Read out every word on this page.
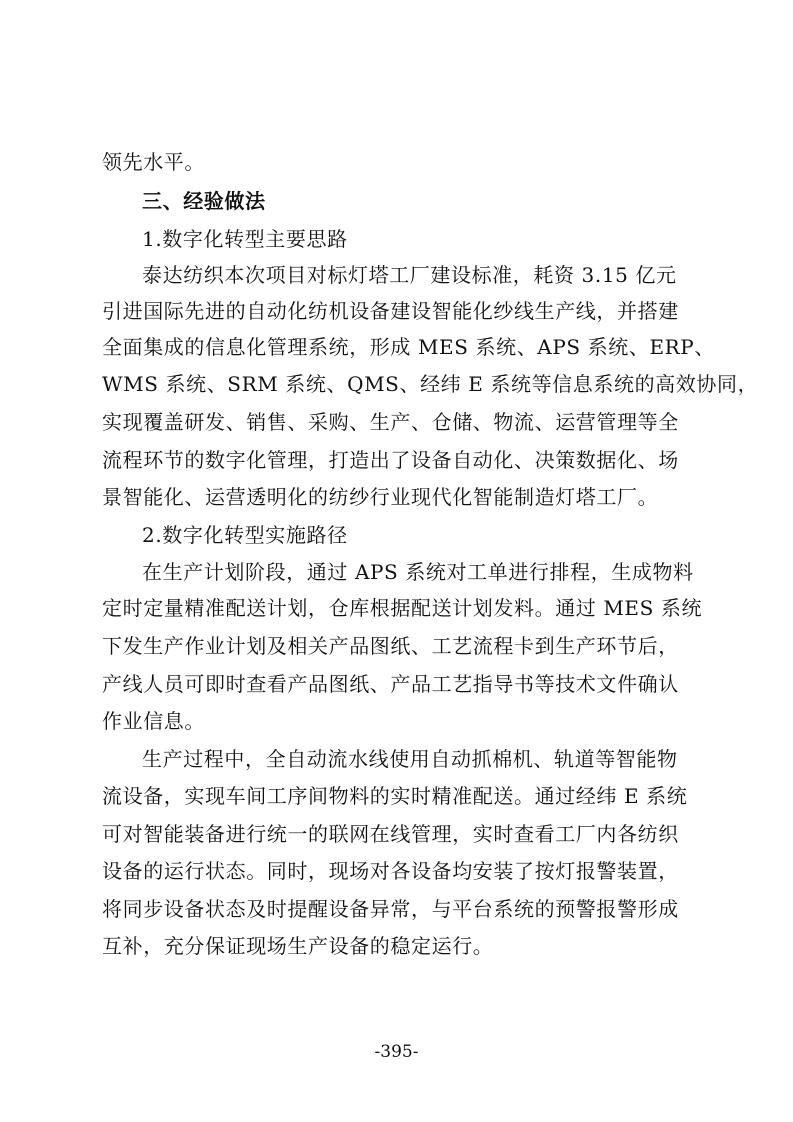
领先水平。
三、经验做法
1.数字化转型主要思路
泰达纺织本次项目对标灯塔工厂建设标准，耗资 3.15 亿元
引进国际先进的自动化纺机设备建设智能化纱线生产线，并搭建
全面集成的信息化管理系统，形成 MES 系统、APS 系统、ERP、
WMS 系统、SRM 系统、QMS、经纬 E 系统等信息系统的高效协同，
实现覆盖研发、销售、采购、生产、仓储、物流、运营管理等全
流程环节的数字化管理，打造出了设备自动化、决策数据化、场
景智能化、运营透明化的纺纱行业现代化智能制造灯塔工厂。
2.数字化转型实施路径
在生产计划阶段，通过 APS 系统对工单进行排程，生成物料
定时定量精准配送计划，仓库根据配送计划发料。通过 MES 系统
下发生产作业计划及相关产品图纸、工艺流程卡到生产环节后，
产线人员可即时查看产品图纸、产品工艺指导书等技术文件确认
作业信息。
生产过程中，全自动流水线使用自动抓棉机、轨道等智能物
流设备，实现车间工序间物料的实时精准配送。通过经纬 E 系统
可对智能装备进行统一的联网在线管理，实时查看工厂内各纺织
设备的运行状态。同时，现场对各设备均安装了按灯报警装置，
将同步设备状态及时提醒设备异常，与平台系统的预警报警形成
互补，充分保证现场生产设备的稳定运行。
-395-
